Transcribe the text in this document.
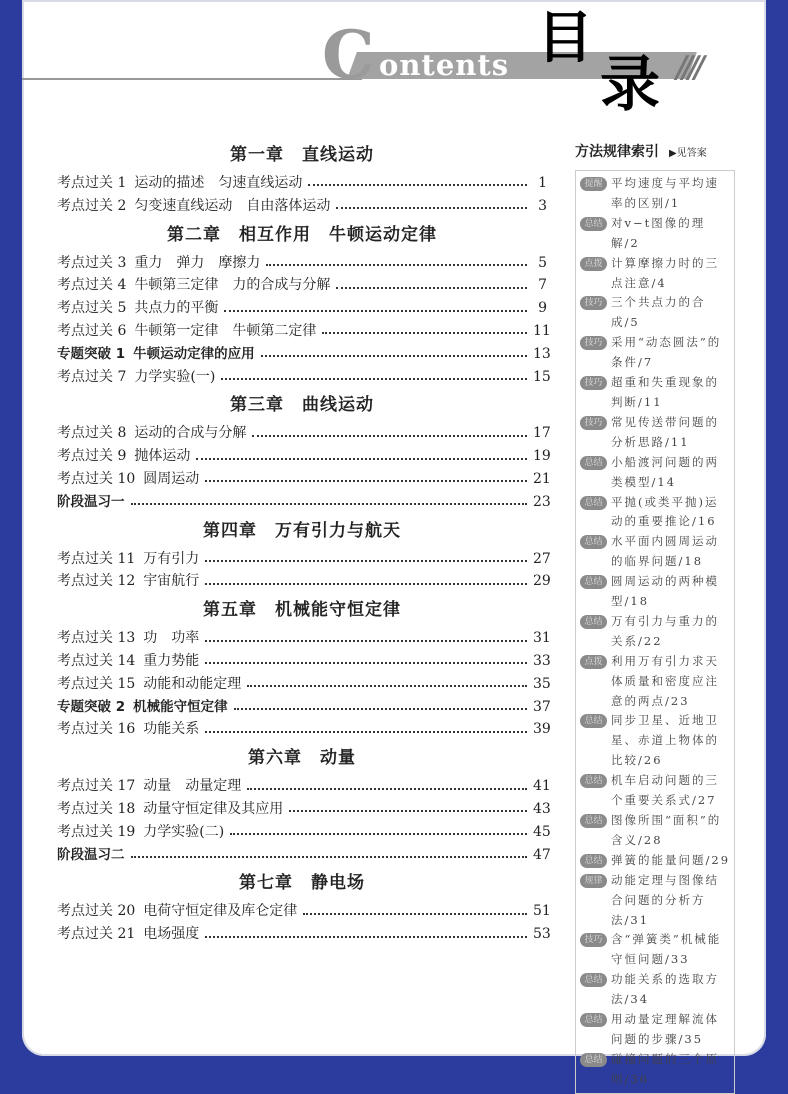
C ontents 目
录 ////
第一章　直线运动
考点过关 1 运动的描述　匀速直线运动	1
考点过关 2 匀变速直线运动　自由落体运动	3
第二章　相互作用　牛顿运动定律
考点过关 3 重力　弹力　摩擦力	5
考点过关 4 牛顿第三定律　力的合成与分解	7
考点过关 5 共点力的平衡	9
考点过关 6 牛顿第一定律　牛顿第二定律	11
专题突破 1 牛顿运动定律的应用	13
考点过关 7 力学实验(一)	15
第三章　曲线运动
考点过关 8 运动的合成与分解	17
考点过关 9 抛体运动	19
考点过关 10 圆周运动	21
阶段温习一	23
第四章　万有引力与航天
考点过关 11 万有引力	27
考点过关 12 宇宙航行	29
第五章　机械能守恒定律
考点过关 13 功　功率	31
考点过关 14 重力势能	33
考点过关 15 动能和动能定理	35
专题突破 2 机械能守恒定律	37
考点过关 16 功能关系	39
第六章　动量
考点过关 17 动量　动量定理	41
考点过关 18 动量守恒定律及其应用	43
考点过关 19 力学实验(二)	45
阶段温习二	47
第七章　静电场
考点过关 20 电荷守恒定律及库仑定律	51
考点过关 21 电场强度	53
方法规律索引 ▶见答案
提醒 平均速度与平均速率的区别/1
总结 对v−t图像的理解/2
点拨 计算摩擦力时的三点注意/4
技巧 三个共点力的合成/5
技巧 采用“动态圆法”的条件/7
技巧 超重和失重现象的判断/11
技巧 常见传送带问题的分析思路/11
总结 小船渡河问题的两类模型/14
总结 平抛(或类平抛)运动的重要推论/16
总结 水平面内圆周运动的临界问题/18
总结 圆周运动的两种模型/18
总结 万有引力与重力的关系/22
点拨 利用万有引力求天体质量和密度应注意的两点/23
总结 同步卫星、近地卫星、赤道上物体的比较/26
总结 机车启动问题的三个重要关系式/27
总结 图像所围“面积”的含义/28
总结 弹簧的能量问题/29
规律 动能定理与图像结合问题的分析方法/31
技巧 含“弹簧类”机械能守恒问题/33
总结 功能关系的选取方法/34
总结 用动量定理解流体问题的步骤/35
总结 碰撞问题的三个原则/36
